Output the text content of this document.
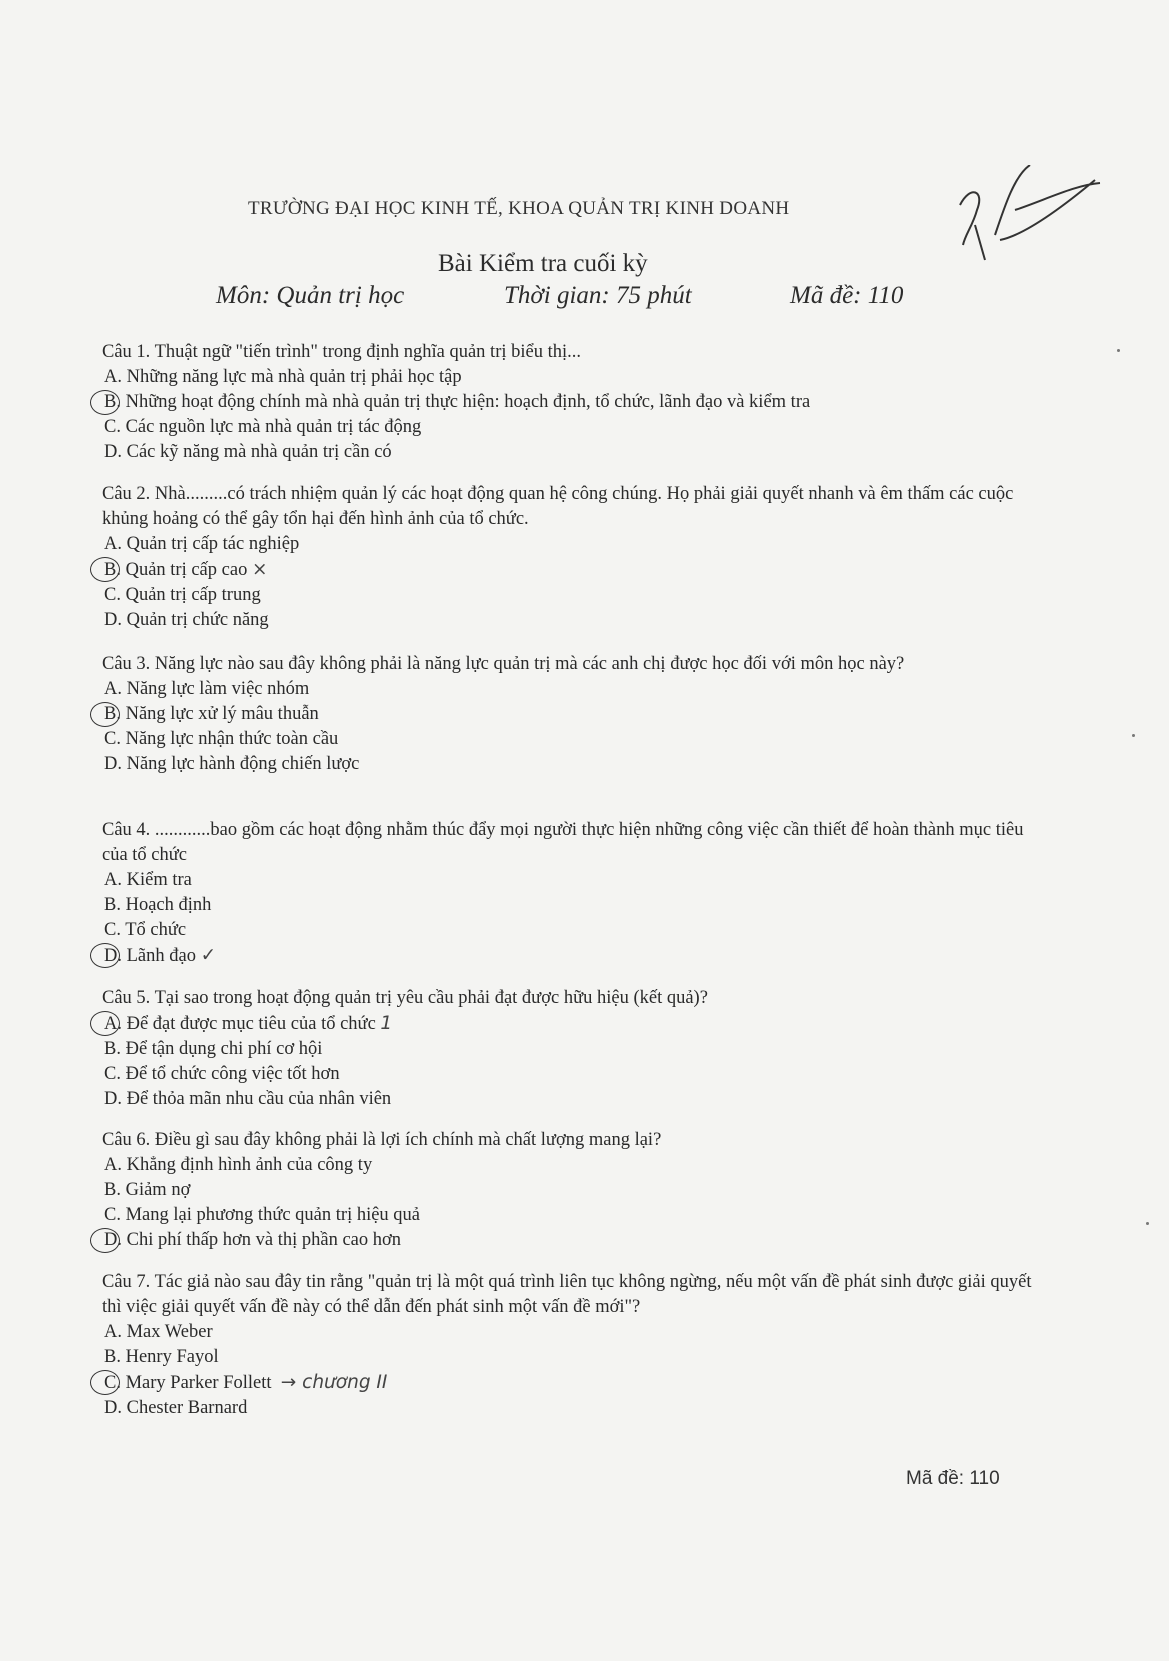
TRƯỜNG ĐẠI HỌC KINH TẾ, KHOA QUẢN TRỊ KINH DOANH
Bài Kiểm tra cuối kỳ
Môn: Quản trị học	Thời gian: 75 phút	Mã đề: 110

Câu 1. Thuật ngữ "tiến trình" trong định nghĩa quản trị biểu thị...

A. Những năng lực mà nhà quản trị phải học tập

B. Những hoạt động chính mà nhà quản trị thực hiện: hoạch định, tổ chức, lãnh đạo và kiểm tra

C. Các nguồn lực mà nhà quản trị tác động

D. Các kỹ năng mà nhà quản trị cần có

Câu 2. Nhà.........có trách nhiệm quản lý các hoạt động quan hệ công chúng. Họ phải giải quyết nhanh và êm thấm các cuộc khủng hoảng có thể gây tổn hại đến hình ảnh của tổ chức.

A. Quản trị cấp tác nghiệp

B. Quản trị cấp cao ×

C. Quản trị cấp trung

D. Quản trị chức năng

Câu 3. Năng lực nào sau đây không phải là năng lực quản trị mà các anh chị được học đối với môn học này?

A. Năng lực làm việc nhóm

B. Năng lực xử lý mâu thuẫn

C. Năng lực nhận thức toàn cầu

D. Năng lực hành động chiến lược

Câu 4. ............bao gồm các hoạt động nhằm thúc đẩy mọi người thực hiện những công việc cần thiết để hoàn thành mục tiêu của tổ chức

A. Kiểm tra

B. Hoạch định

C. Tổ chức

D. Lãnh đạo ✓

Câu 5. Tại sao trong hoạt động quản trị yêu cầu phải đạt được hữu hiệu (kết quả)?

A. Để đạt được mục tiêu của tổ chức 1

B. Để tận dụng chi phí cơ hội

C. Để tổ chức công việc tốt hơn

D. Để thỏa mãn nhu cầu của nhân viên

Câu 6. Điều gì sau đây không phải là lợi ích chính mà chất lượng mang lại?

A. Khẳng định hình ảnh của công ty

B. Giảm nợ

C. Mang lại phương thức quản trị hiệu quả

D. Chi phí thấp hơn và thị phần cao hơn

Câu 7. Tác giả nào sau đây tin rằng "quản trị là một quá trình liên tục không ngừng, nếu một vấn đề phát sinh được giải quyết thì việc giải quyết vấn đề này có thể dẫn đến phát sinh một vấn đề mới"?

A. Max Weber

B. Henry Fayol

C. Mary Parker Follett → chương II

D. Chester Barnard

Mã đề: 110
